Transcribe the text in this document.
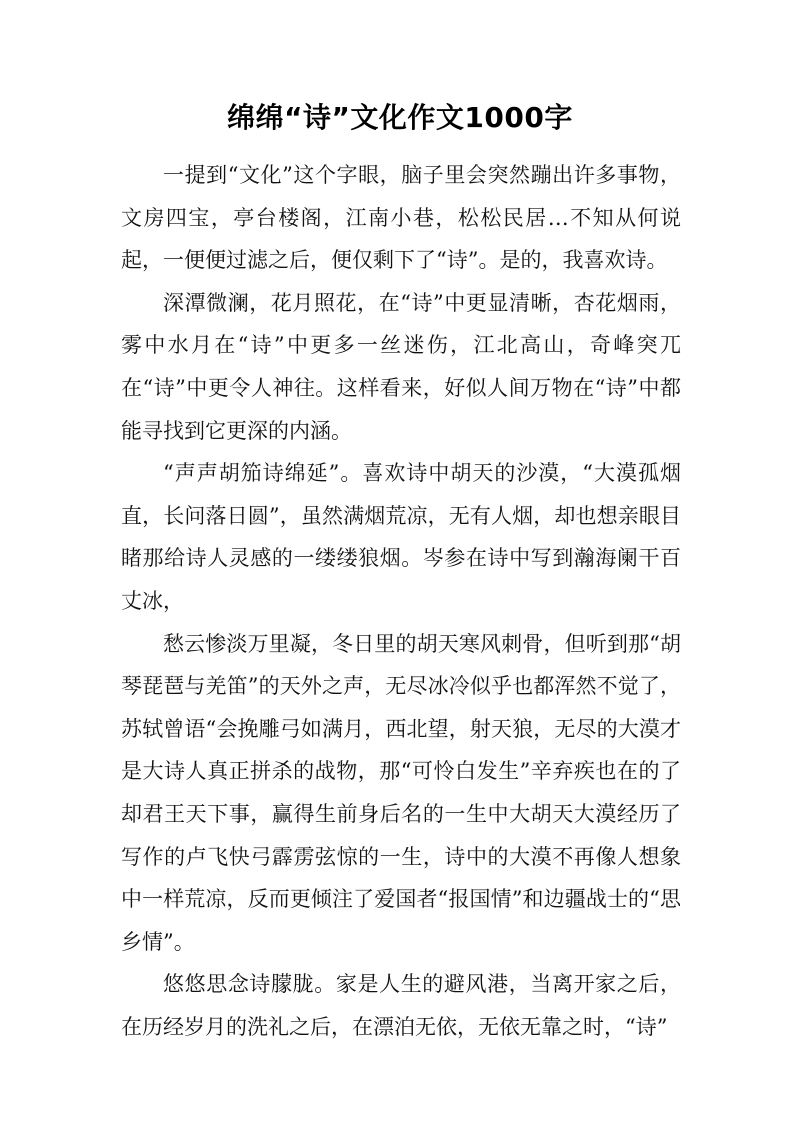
绵绵“诗”文化作文1000字

一提到“文化”这个字眼，脑子里会突然蹦出许多事物，文房四宝，亭台楼阁，江南小巷，松松民居…不知从何说起，一便便过滤之后，便仅剩下了“诗”。是的，我喜欢诗。

深潭微澜，花月照花，在“诗”中更显清晰，杏花烟雨，雾中水月在“诗”中更多一丝迷伤，江北高山，奇峰突兀在“诗”中更令人神往。这样看来，好似人间万物在“诗”中都能寻找到它更深的内涵。

“声声胡笳诗绵延”。喜欢诗中胡天的沙漠，“大漠孤烟直，长问落日圆”，虽然满烟荒凉，无有人烟，却也想亲眼目睹那给诗人灵感的一缕缕狼烟。岑参在诗中写到瀚海阑干百丈冰，

愁云惨淡万里凝，冬日里的胡天寒风刺骨，但听到那“胡琴琵琶与羌笛”的天外之声，无尽冰冷似乎也都浑然不觉了，苏轼曾语“会挽雕弓如满月，西北望，射天狼，无尽的大漠才是大诗人真正拼杀的战物，那“可怜白发生”辛弃疾也在的了却君王天下事，赢得生前身后名的一生中大胡天大漠经历了写作的卢飞快弓霹雳弦惊的一生，诗中的大漠不再像人想象中一样荒凉，反而更倾注了爱国者“报国情”和边疆战士的“思乡情”。

悠悠思念诗朦胧。家是人生的避风港，当离开家之后，在历经岁月的洗礼之后，在漂泊无依，无依无靠之时，“诗”
